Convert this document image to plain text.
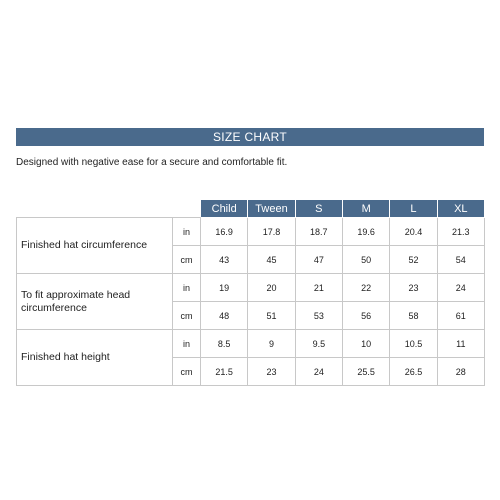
SIZE CHART
Designed with negative ease for a secure and comfortable fit.
		Child	Tween	S	M	L	XL
Finished hat circumference	in	16.9	17.8	18.7	19.6	20.4	21.3
	cm	43	45	47	50	52	54
To fit approximate head circumference	in	19	20	21	22	23	24
	cm	48	51	53	56	58	61
Finished hat height	in	8.5	9	9.5	10	10.5	11
	cm	21.5	23	24	25.5	26.5	28
